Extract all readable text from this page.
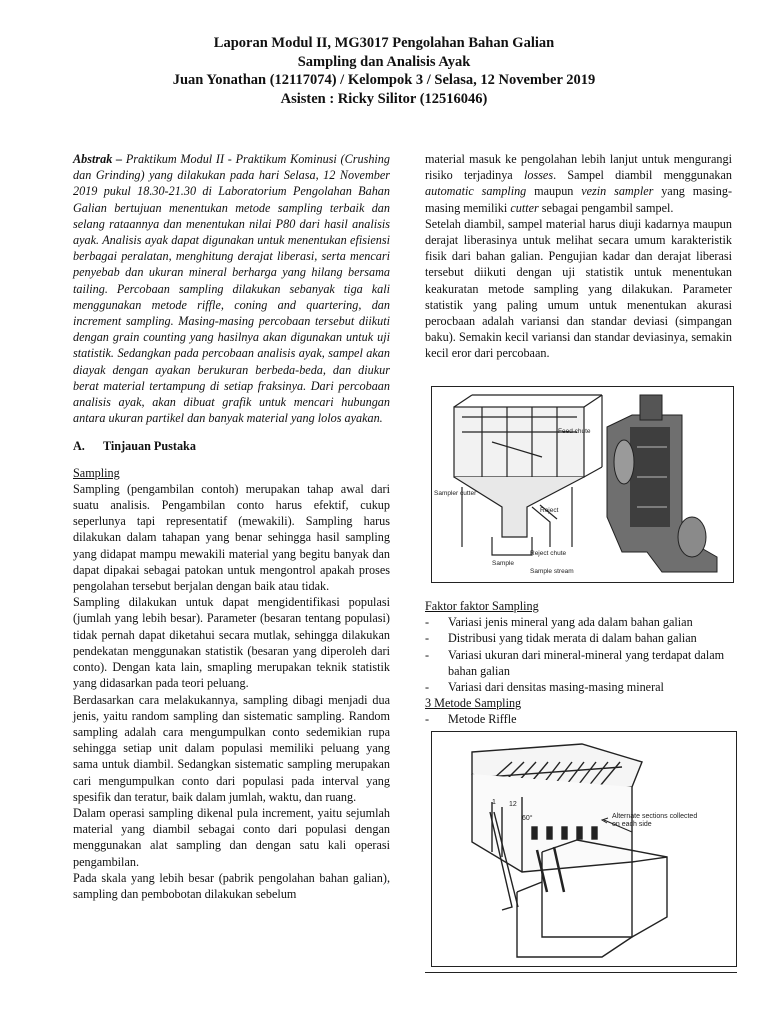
Laporan Modul II, MG3017 Pengolahan Bahan Galian
Sampling dan Analisis Ayak
Juan Yonathan (12117074) / Kelompok 3 / Selasa, 12 November 2019
Asisten : Ricky Silitor (12516046)

Abstrak – Praktikum Modul II - Praktikum Kominusi (Crushing dan Grinding) yang dilakukan pada hari Selasa, 12 November 2019 pukul 18.30-21.30 di Laboratorium Pengolahan Bahan Galian bertujuan menentukan metode sampling terbaik dan selang rataannya dan menentukan nilai P80 dari hasil analisis ayak. Analisis ayak dapat digunakan untuk menentukan efisiensi berbagai peralatan, menghitung derajat liberasi, serta mencari penyebab dan ukuran mineral berharga yang hilang bersama tailing. Percobaan sampling dilakukan sebanyak tiga kali menggunakan metode riffle, coning and quartering, dan increment sampling. Masing-masing percobaan tersebut diikuti dengan grain counting yang hasilnya akan digunakan untuk uji statistik. Sedangkan pada percobaan analisis ayak, sampel akan diayak dengan ayakan berukuran berbeda-beda, dan diukur berat material tertampung di setiap fraksinya. Dari percobaan analisis ayak, akan dibuat grafik untuk mencari hubungan antara ukuran partikel dan banyak material yang lolos ayakan.

A.	Tinjauan Pustaka
Sampling

Sampling (pengambilan contoh) merupakan tahap awal dari suatu analisis. Pengambilan conto harus efektif, cukup seperlunya tapi representatif (mewakili). Sampling harus dilakukan dalam tahapan yang benar sehingga hasil sampling yang didapat mampu mewakili material yang begitu banyak dan dapat dipakai sebagai patokan untuk mengontrol apakah proses pengolahan tersebut berjalan dengan baik atau tidak.

Sampling dilakukan untuk dapat mengidentifikasi populasi (jumlah yang lebih besar). Parameter (besaran tentang populasi) tidak pernah dapat diketahui secara mutlak, sehingga dilakukan pendekatan menggunakan statistik (besaran yang diperoleh dari conto). Dengan kata lain, smapling merupakan teknik statistik yang didasarkan pada teori peluang.

Berdasarkan cara melakukannya, sampling dibagi menjadi dua jenis, yaitu random sampling dan sistematic sampling. Random sampling adalah cara mengumpulkan conto sedemikian rupa sehingga setiap unit dalam populasi memiliki peluang yang sama untuk diambil. Sedangkan sistematic sampling merupakan cari mengumpulkan conto dari populasi pada interval yang spesifik dan teratur, baik dalam jumlah, waktu, dan ruang.

Dalam operasi sampling dikenal pula increment, yaitu sejumlah material yang diambil sebagai conto dari populasi dengan menggunakan alat sampling dan dengan satu kali operasi pengambilan.

Pada skala yang lebih besar (pabrik pengolahan bahan galian), sampling dan pembobotan dilakukan sebelum

material masuk ke pengolahan lebih lanjut untuk mengurangi risiko terjadinya losses. Sampel diambil menggunakan automatic sampling maupun vezin sampler yang masing-masing memiliki cutter sebagai pengambil sampel.

Setelah diambil, sampel material harus diuji kadarnya maupun derajat liberasinya untuk melihat secara umum karakteristik fisik dari bahan galian. Pengujian kadar dan derajat liberasi tersebut diikuti dengan uji statistik untuk menentukan keakuratan metode sampling yang dilakukan. Parameter statistik yang paling umum untuk menentukan akurasi perocbaan adalah variansi dan standar deviasi (simpangan baku). Semakin kecil variansi dan standar deviasinya, semakin kecil eror dari percobaan.

Feed chute
Sampler cutter
Reject
Sample
Reject chute
Sample stream
Faktor faktor Sampling
- Variasi jenis mineral yang ada dalam bahan galian
- Distribusi yang tidak merata di dalam bahan galian
- Variasi ukuran dari mineral-mineral yang terdapat dalam bahan galian
- Variasi dari densitas masing-masing mineral
3 Metode Sampling
- Metode Riffle
1 12
60°	Alternate sections collected on each side
